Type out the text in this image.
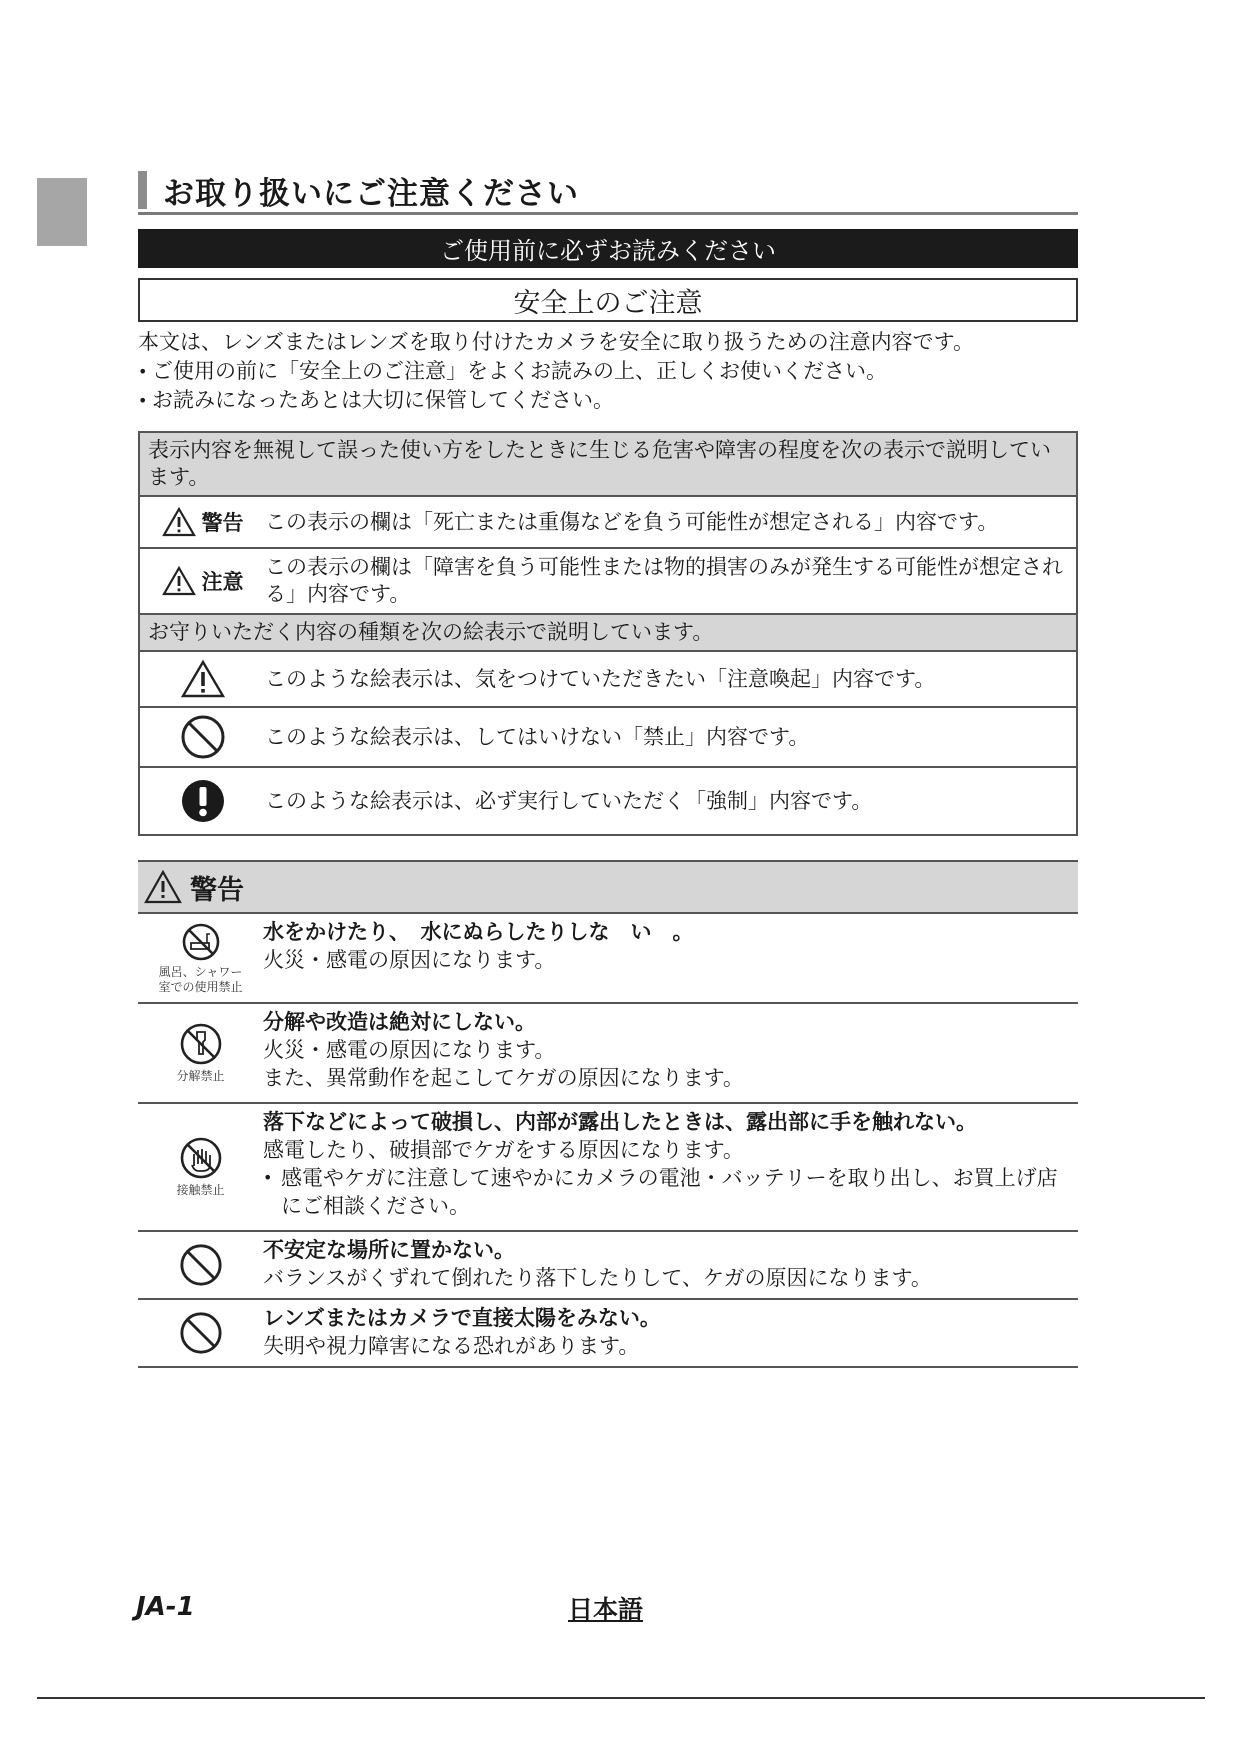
お取り扱いにご注意ください
ご使用前に必ずお読みください
安全上のご注意
本文は、レンズまたはレンズを取り付けたカメラを安全に取り扱うための注意内容です。
• ご使用の前に「安全上のご注意」をよくお読みの上、正しくお使いください。
• お読みになったあとは大切に保管してください。
表示内容を無視して誤った使い方をしたときに生じる危害や障害の程度を次の表示で説明しています。
警告 この表示の欄は「死亡または重傷などを負う可能性が想定される」内容です。
注意
この表示の欄は「障害を負う可能性または物的損害のみが発生する可能性が想定される」内容です。
お守りいただく内容の種類を次の絵表示で説明しています。
このような絵表示は、気をつけていただきたい「注意喚起」内容です。
このような絵表示は、してはいけない「禁止」内容です。
このような絵表示は、必ず実行していただく「強制」内容です。
警告
風呂、シャワー
室での使用禁止
水をかけたり、　水にぬらしたりしな　い　。
火災・感電の原因になります。
分解禁止
分解や改造は絶対にしない。
火災・感電の原因になります。
また、異常動作を起こしてケガの原因になります。
接触禁止
落下などによって破損し、内部が露出したときは、露出部に手を触れない。
感電したり、破損部でケガをする原因になります。
• 感電やケガに注意して速やかにカメラの電池・バッテリーを取り出し、お買上げ店にご相談ください。
不安定な場所に置かない。
バランスがくずれて倒れたり落下したりして、ケガの原因になります。
レンズまたはカメラで直接太陽をみない。
失明や視力障害になる恐れがあります。
JA-1	日本語
